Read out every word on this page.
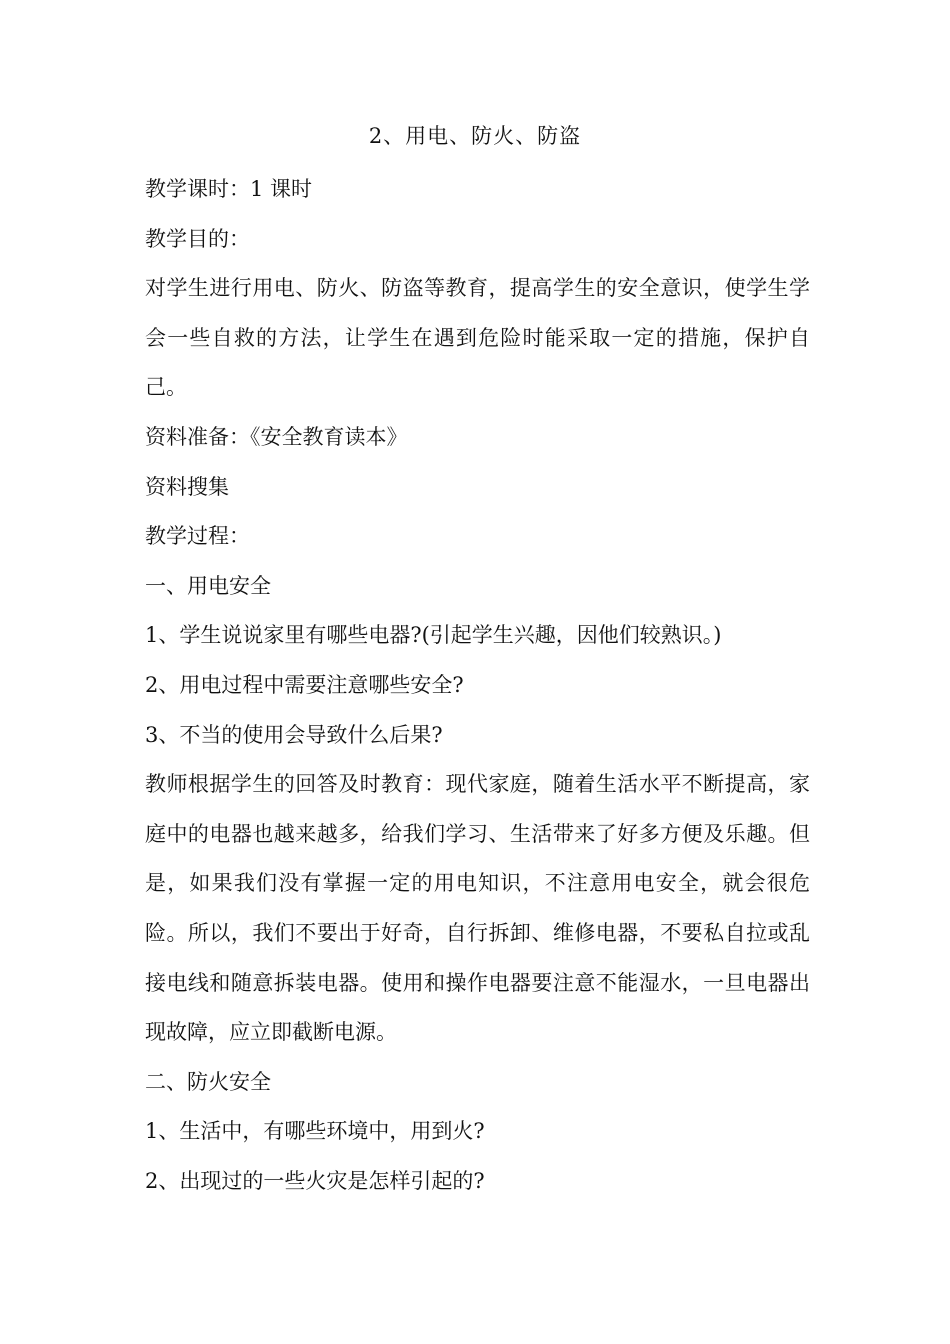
2、用电、防火、防盗

教学课时：1 课时

教学目的：

对学生进行用电、防火、防盗等教育，提高学生的安全意识，使学生学会一些自救的方法，让学生在遇到危险时能采取一定的措施，保护自己。

资料准备：《安全教育读本》

资料搜集

教学过程：

一、用电安全

1、学生说说家里有哪些电器?(引起学生兴趣，因他们较熟识。)

2、用电过程中需要注意哪些安全?

3、不当的使用会导致什么后果?

教师根据学生的回答及时教育：现代家庭，随着生活水平不断提高，家庭中的电器也越来越多，给我们学习、生活带来了好多方便及乐趣。但是，如果我们没有掌握一定的用电知识，不注意用电安全，就会很危险。所以，我们不要出于好奇，自行拆卸、维修电器，不要私自拉或乱接电线和随意拆装电器。使用和操作电器要注意不能湿水，一旦电器出现故障，应立即截断电源。

二、防火安全

1、生活中，有哪些环境中，用到火?

2、出现过的一些火灾是怎样引起的?
